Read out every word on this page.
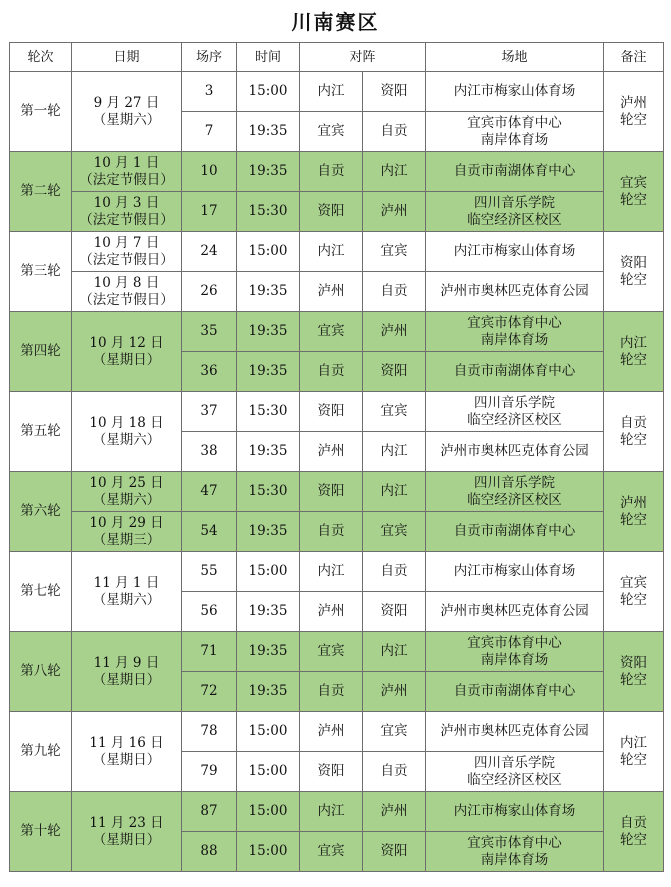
川南赛区
轮次	日期	场序	时间	对阵		场地	备注

第一轮	9 月 27 日
（星期六）	3	15:00	内江	资阳	内江市梅家山体育场	泸州
轮空

		7	19:35	宜宾	自贡	宜宾市体育中心
南岸体育场	

第二轮	10 月 1 日
（法定节假日）	10	19:35	自贡	内江	自贡市南湖体育中心	宜宾
轮空

	10 月 3 日
（法定节假日）	17	15:30	资阳	泸州	四川音乐学院
临空经济区校区	

第三轮	10 月 7 日
（法定节假日）	24	15:00	内江	宜宾	内江市梅家山体育场	资阳
轮空

	10 月 8 日
（法定节假日）	26	19:35	泸州	自贡	泸州市奥林匹克体育公园	

第四轮	10 月 12 日
（星期日）	35	19:35	宜宾	泸州	宜宾市体育中心
南岸体育场	内江
轮空

		36	19:35	自贡	资阳	自贡市南湖体育中心	

第五轮	10 月 18 日
（星期六）	37	15:30	资阳	宜宾	四川音乐学院
临空经济区校区	自贡
轮空

		38	19:35	泸州	内江	泸州市奥林匹克体育公园	

第六轮	10 月 25 日
（星期六）	47	15:30	资阳	内江	四川音乐学院
临空经济区校区	泸州
轮空

	10 月 29 日
（星期三）	54	19:35	自贡	宜宾	自贡市南湖体育中心	

第七轮	11 月 1 日
（星期六）	55	15:00	内江	自贡	内江市梅家山体育场	宜宾
轮空

		56	19:35	泸州	资阳	泸州市奥林匹克体育公园	

第八轮	11 月 9 日
（星期日）	71	19:35	宜宾	内江	宜宾市体育中心
南岸体育场	资阳
轮空

		72	19:35	自贡	泸州	自贡市南湖体育中心	

第九轮	11 月 16 日
（星期日）	78	15:00	泸州	宜宾	泸州市奥林匹克体育公园	内江
轮空

		79	15:00	资阳	自贡	四川音乐学院
临空经济区校区	

第十轮	11 月 23 日
（星期日）	87	15:00	内江	泸州	内江市梅家山体育场	自贡
轮空

		88	15:00	宜宾	资阳	宜宾市体育中心
南岸体育场	
